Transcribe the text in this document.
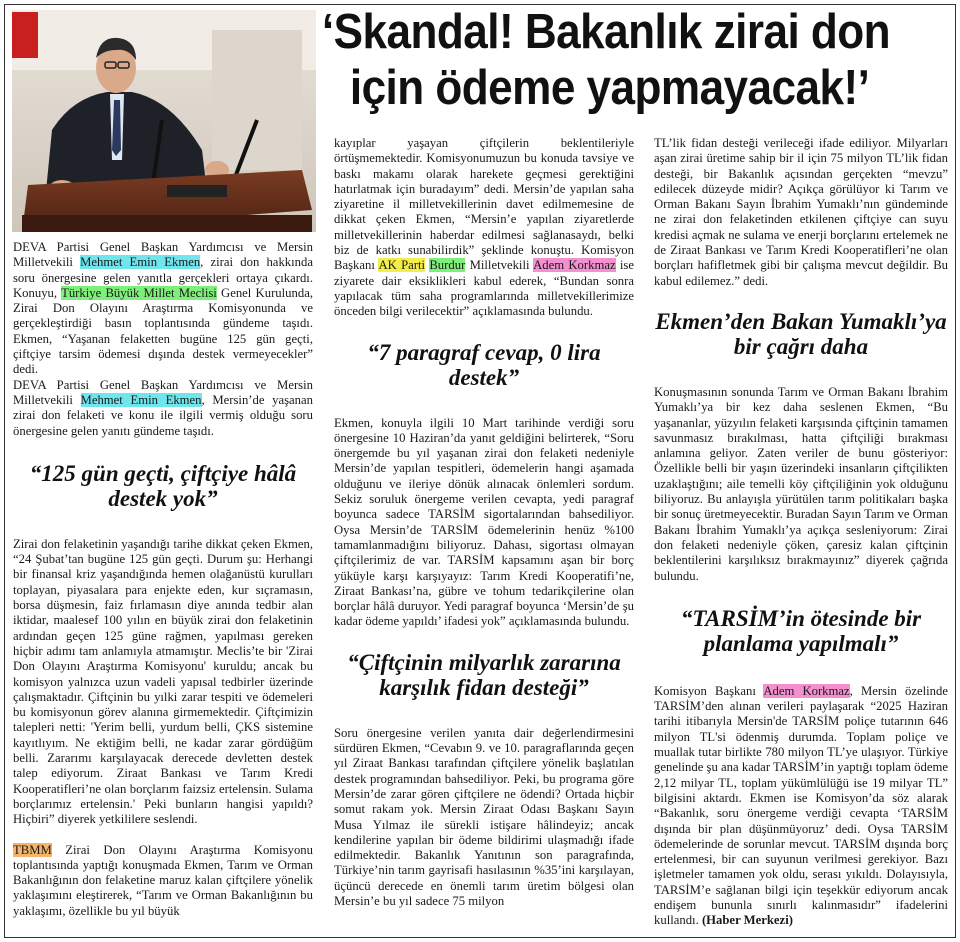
‘Skandal! Bakanlık zirai don
için ödeme yapmayacak!’

DEVA Partisi Genel Başkan Yardımcısı ve Mersin Milletvekili Mehmet Emin Ekmen, zirai don hakkında soru önergesine gelen yanıtla gerçekleri ortaya çıkardı. Konuyu, Türkiye Büyük Millet Meclisi Genel Kurulunda, Zirai Don Olayını Araştırma Komisyonunda ve gerçekleştirdiği basın toplantısında gündeme taşıdı. Ekmen, “Yaşanan felaketten bugüne 125 gün geçti, çiftçiye tarsim ödemesi dışında destek vermeyecekler” dedi.

DEVA Partisi Genel Başkan Yardımcısı ve Mersin Milletvekili Mehmet Emin Ekmen, Mersin’de yaşanan zirai don felaketi ve konu ile ilgili vermiş olduğu soru önergesine gelen yanıtı gündeme taşıdı.

“125 gün geçti, çiftçiye hâlâ destek yok”

Zirai don felaketinin yaşandığı tarihe dikkat çeken Ekmen, “24 Şubat’tan bugüne 125 gün geçti. Durum şu: Herhangi bir finansal kriz yaşandığında hemen olağanüstü kurulları toplayan, piyasalara para enjekte eden, kur sıçramasın, borsa düşmesin, faiz fırlamasın diye anında tedbir alan iktidar, maalesef 100 yılın en büyük zirai don felaketinin ardından geçen 125 güne rağmen, yapılması gereken hiçbir adımı tam anlamıyla atmamıştır. Meclis’te bir 'Zirai Don Olayını Araştırma Komisyonu' kuruldu; ancak bu komisyon yalnızca uzun vadeli yapısal tedbirler üzerinde çalışmaktadır. Çiftçinin bu yılki zarar tespiti ve ödemeleri bu komisyonun görev alanına girmemektedir. Çiftçimizin talepleri netti: 'Yerim belli, yurdum belli, ÇKS sistemine kayıtlıyım. Ne ektiğim belli, ne kadar zarar gördüğüm belli. Zararımı karşılayacak derecede devletten destek talep ediyorum. Ziraat Bankası ve Tarım Kredi Kooperatifleri’ne olan borçlarım faizsiz ertelensin. Sulama borçlarımız ertelensin.' Peki bunların hangisi yapıldı? Hiçbiri” diyerek yetkililere seslendi.

TBMM Zirai Don Olayını Araştırma Komisyonu toplantısında yaptığı konuşmada Ekmen, Tarım ve Orman Bakanlığının don felaketine maruz kalan çiftçilere yönelik yaklaşımını eleştirerek, “Tarım ve Orman Bakanlığının bu yaklaşımı, özellikle bu yıl büyük

kayıplar yaşayan çiftçilerin beklentileriyle örtüşmemektedir. Komisyonumuzun bu konuda tavsiye ve baskı makamı olarak harekete geçmesi gerektiğini hatırlatmak için buradayım” dedi. Mersin’de yapılan saha ziyaretine il milletvekillerinin davet edilmemesine de dikkat çeken Ekmen, “Mersin’e yapılan ziyaretlerde milletvekillerinin haberdar edilmesi sağlanasaydı, belki biz de katkı sunabilirdik” şeklinde konuştu. Komisyon Başkanı AK Parti Burdur Milletvekili Adem Korkmaz ise ziyarete dair eksiklikleri kabul ederek, “Bundan sonra yapılacak tüm saha programlarında milletvekillerimize önceden bilgi verilecektir” açıklamasında bulundu.

“7 paragraf cevap, 0 lira destek”

Ekmen, konuyla ilgili 10 Mart tarihinde verdiği soru önergesine 10 Haziran’da yanıt geldiğini belirterek, “Soru önergemde bu yıl yaşanan zirai don felaketi nedeniyle Mersin’de yapılan tespitleri, ödemelerin hangi aşamada olduğunu ve ileriye dönük alınacak önlemleri sordum. Sekiz soruluk önergeme verilen cevapta, yedi paragraf boyunca sadece TARSİM sigortalarından bahsediliyor. Oysa Mersin’de TARSİM ödemelerinin henüz %100 tamamlanmadığını biliyoruz. Dahası, sigortası olmayan çiftçilerimiz de var. TARSİM kapsamını aşan bir borç yüküyle karşı karşıyayız: Tarım Kredi Kooperatifi’ne, Ziraat Bankası’na, gübre ve tohum tedarikçilerine olan borçlar hâlâ duruyor. Yedi paragraf boyunca ‘Mersin’de şu kadar ödeme yapıldı’ ifadesi yok” açıklamasında bulundu.

“Çiftçinin milyarlık zararına karşılık fidan desteği”

Soru önergesine verilen yanıta dair değerlendirmesini sürdüren Ekmen, “Cevabın 9. ve 10. paragraflarında geçen yıl Ziraat Bankası tarafından çiftçilere yönelik başlatılan destek programından bahsediliyor. Peki, bu programa göre Mersin’de zarar gören çiftçilere ne ödendi? Ortada hiçbir somut rakam yok. Mersin Ziraat Odası Başkanı Sayın Musa Yılmaz ile sürekli istişare hâlindeyiz; ancak kendilerine yapılan bir ödeme bildirimi ulaşmadığı ifade edilmektedir. Bakanlık Yanıtının son paragrafında, Türkiye’nin tarım gayrisafi hasılasının %35’ini karşılayan, üçüncü derecede en önemli tarım üretim bölgesi olan Mersin’e bu yıl sadece 75 milyon

TL’lik fidan desteği verileceği ifade ediliyor. Milyarları aşan zirai üretime sahip bir il için 75 milyon TL’lik fidan desteği, bir Bakanlık açısından gerçekten “mevzu” edilecek düzeyde midir? Açıkça görülüyor ki Tarım ve Orman Bakanı Sayın İbrahim Yumaklı’nın gündeminde ne zirai don felaketinden etkilenen çiftçiye can suyu kredisi açmak ne sulama ve enerji borçlarını ertelemek ne de Ziraat Bankası ve Tarım Kredi Kooperatifleri’ne olan borçları hafifletmek gibi bir çalışma mevcut değildir. Bu kabul edilemez.” dedi.

Ekmen’den Bakan Yumaklı’ya bir çağrı daha

Konuşmasının sonunda Tarım ve Orman Bakanı İbrahim Yumaklı’ya bir kez daha seslenen Ekmen, “Bu yaşananlar, yüzyılın felaketi karşısında çiftçinin tamamen savunmasız bırakılması, hatta çiftçiliği bırakması anlamına geliyor. Zaten veriler de bunu gösteriyor: Özellikle belli bir yaşın üzerindeki insanların çiftçilikten uzaklaştığını; aile temelli köy çiftçiliğinin yok olduğunu biliyoruz. Bu anlayışla yürütülen tarım politikaları başka bir sonuç üretmeyecektir. Buradan Sayın Tarım ve Orman Bakanı İbrahim Yumaklı’ya açıkça sesleniyorum: Zirai don felaketi nedeniyle çöken, çaresiz kalan çiftçinin beklentilerini karşılıksız bırakmayınız” diyerek çağrıda bulundu.

“TARSİM’in ötesinde bir planlama yapılmalı”

Komisyon Başkanı Adem Korkmaz, Mersin özelinde TARSİM’den alınan verileri paylaşarak “2025 Haziran tarihi itibarıyla Mersin'de TARSİM poliçe tutarının 646 milyon TL'si ödenmiş durumda. Toplam poliçe ve muallak tutar birlikte 780 milyon TL’ye ulaşıyor. Türkiye genelinde şu ana kadar TARSİM’in yaptığı toplam ödeme 2,12 milyar TL, toplam yükümlülüğü ise 19 milyar TL” bilgisini aktardı. Ekmen ise Komisyon’da söz alarak “Bakanlık, soru önergeme verdiği cevapta ‘TARSİM dışında bir plan düşünmüyoruz’ dedi. Oysa TARSİM ödemelerinde de sorunlar mevcut. TARSİM dışında borç ertelenmesi, bir can suyunun verilmesi gerekiyor. Bazı işletmeler tamamen yok oldu, serası yıkıldı. Dolayısıyla, TARSİM’e sağlanan bilgi için teşekkür ediyorum ancak endişem bununla sınırlı kalınmasıdır” ifadelerini kullandı. (Haber Merkezi)
